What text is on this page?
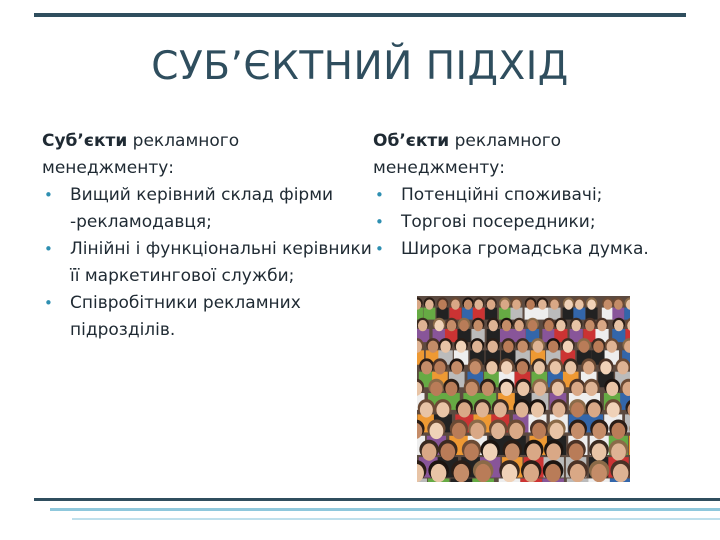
СУБ’ЄКТНИЙ ПІДХІД
Суб’єкти рекламного менеджменту:
• Вищий керівний склад фірми -рекламодавця;
• Лінійні і функціональні керівники її маркетингової служби;
• Співробітники рекламних підрозділів.
Об’єкти рекламного менеджменту:
• Потенційні споживачі;
• Торгові посередники;
• Широка громадська думка.
